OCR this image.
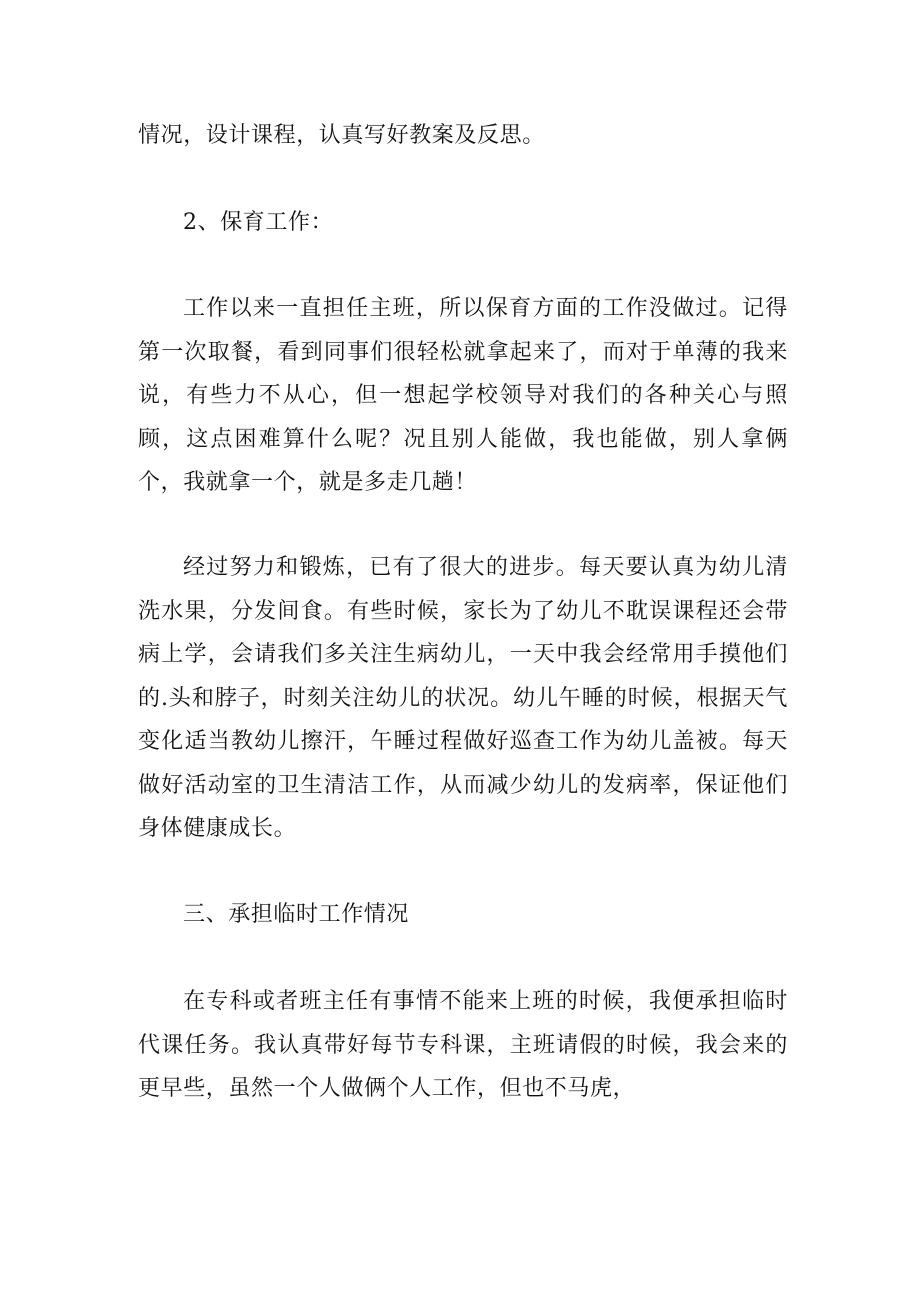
情况，设计课程，认真写好教案及反思。

2、保育工作：

工作以来一直担任主班，所以保育方面的工作没做过。记得第一次取餐，看到同事们很轻松就拿起来了，而对于单薄的我来说，有些力不从心，但一想起学校领导对我们的各种关心与照顾，这点困难算什么呢？况且别人能做，我也能做，别人拿俩个，我就拿一个，就是多走几趟！

经过努力和锻炼，已有了很大的进步。每天要认真为幼儿清洗水果，分发间食。有些时候，家长为了幼儿不耽误课程还会带病上学，会请我们多关注生病幼儿，一天中我会经常用手摸他们的.头和脖子，时刻关注幼儿的状况。幼儿午睡的时候，根据天气变化适当教幼儿擦汗，午睡过程做好巡查工作为幼儿盖被。每天做好活动室的卫生清洁工作，从而减少幼儿的发病率，保证他们身体健康成长。

三、承担临时工作情况

在专科或者班主任有事情不能来上班的时候，我便承担临时代课任务。我认真带好每节专科课，主班请假的时候，我会来的更早些，虽然一个人做俩个人工作，但也不马虎，
